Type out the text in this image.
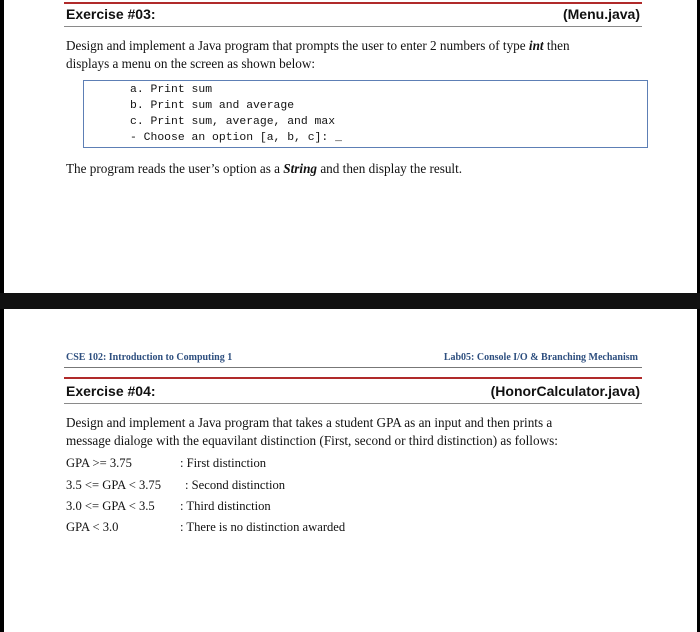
Exercise #03:	(Menu.java)
Design and implement a Java program that prompts the user to enter 2 numbers of type int then
displays a menu on the screen as shown below:
a. Print sum
b. Print sum and average
c. Print sum, average, and max
- Choose an option [a, b, c]: _
The program reads the user’s option as a String and then display the result.
CSE 102: Introduction to Computing 1	Lab05: Console I/O & Branching Mechanism
Exercise #04:	(HonorCalculator.java)
Design and implement a Java program that takes a student GPA as an input and then prints a
message dialoge with the equavilant distinction (First, second or third distinction) as follows:
GPA >= 3.75	: First distinction
3.5 <= GPA < 3.75 : Second distinction
3.0 <= GPA < 3.5 : Third distinction
GPA < 3.0	: There is no distinction awarded
